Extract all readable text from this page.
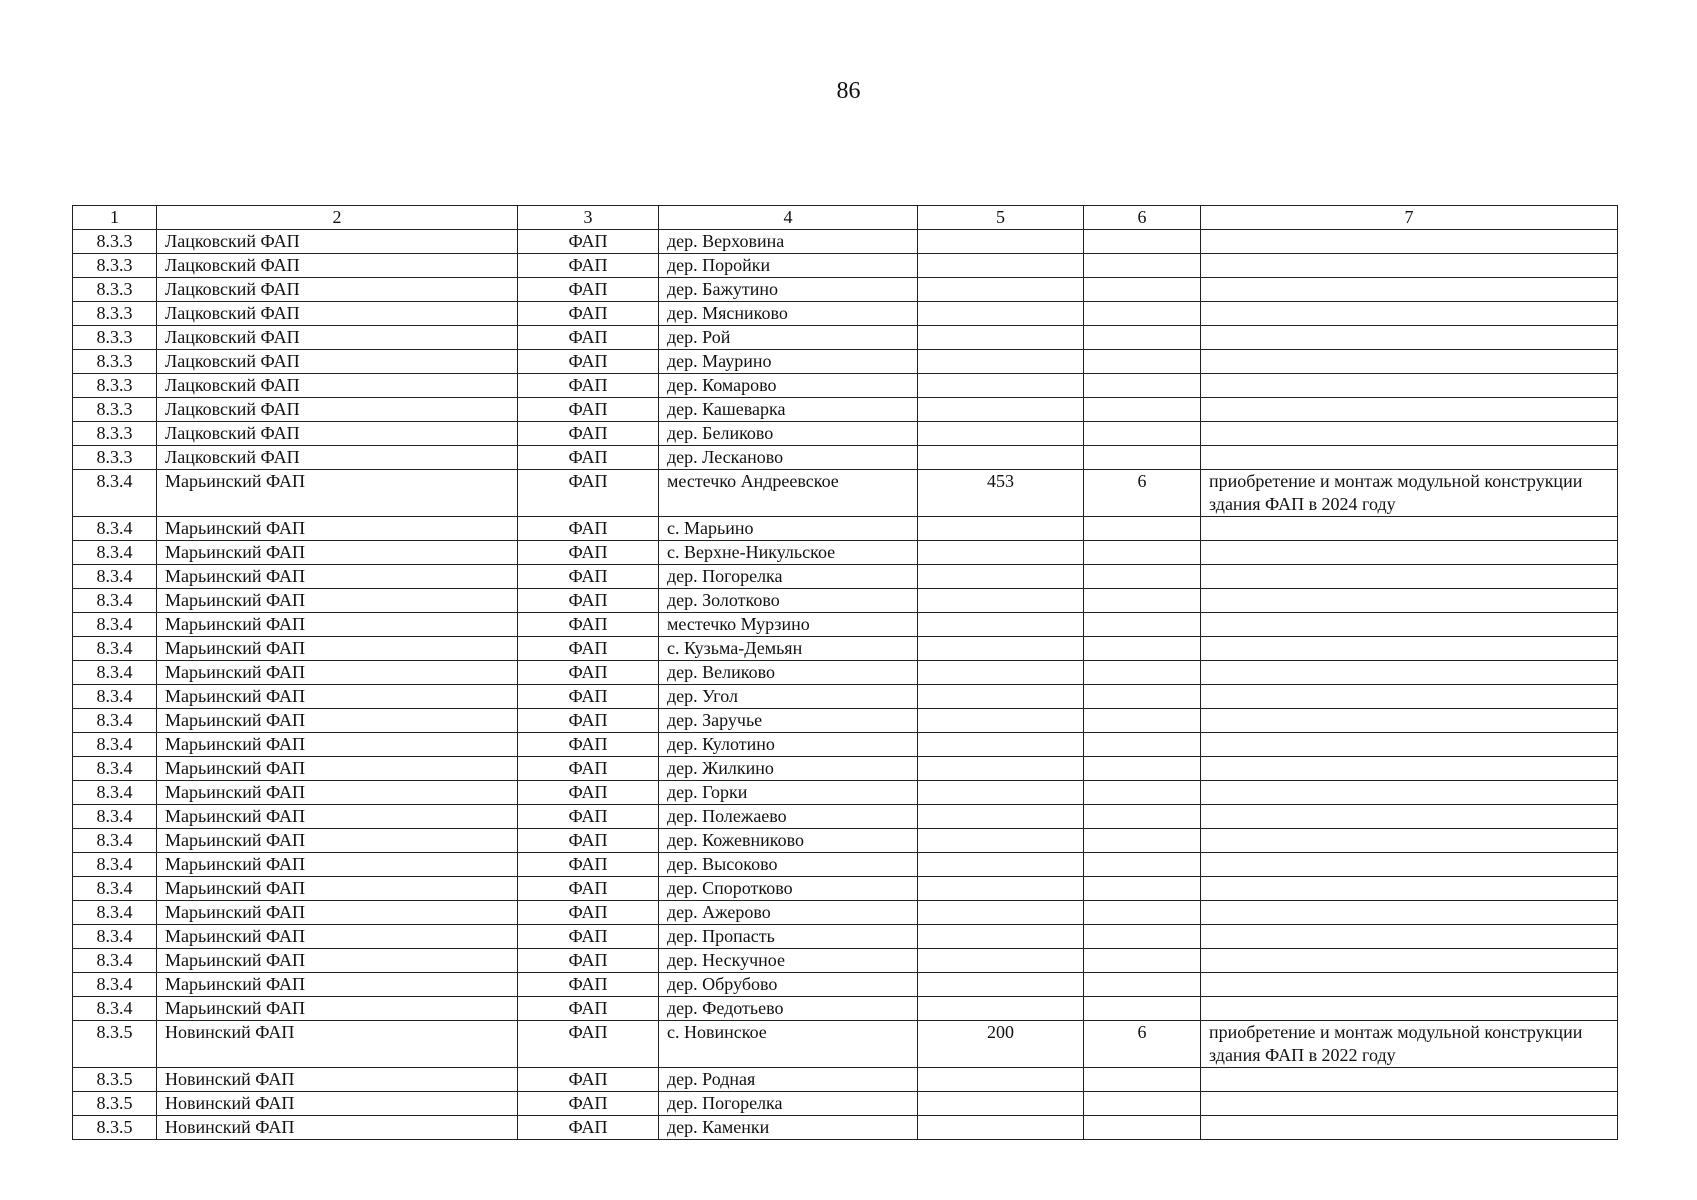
86
1	2	3	4	5	6	7
8.3.3	Лацковский ФАП	ФАП	дер. Верховина			
8.3.3	Лацковский ФАП	ФАП	дер. Поройки			
8.3.3	Лацковский ФАП	ФАП	дер. Бажутино			
8.3.3	Лацковский ФАП	ФАП	дер. Мясниково			
8.3.3	Лацковский ФАП	ФАП	дер. Рой			
8.3.3	Лацковский ФАП	ФАП	дер. Маурино			
8.3.3	Лацковский ФАП	ФАП	дер. Комарово			
8.3.3	Лацковский ФАП	ФАП	дер. Кашеварка			
8.3.3	Лацковский ФАП	ФАП	дер. Беликово			
8.3.3	Лацковский ФАП	ФАП	дер. Лесканово			
8.3.4	Марьинский ФАП	ФАП	местечко Андреевское	453	6	приобретение и монтаж модульной конструкции здания ФАП в 2024 году
8.3.4	Марьинский ФАП	ФАП	с. Марьино			
8.3.4	Марьинский ФАП	ФАП	с. Верхне-Никульское			
8.3.4	Марьинский ФАП	ФАП	дер. Погорелка			
8.3.4	Марьинский ФАП	ФАП	дер. Золотково			
8.3.4	Марьинский ФАП	ФАП	местечко Мурзино			
8.3.4	Марьинский ФАП	ФАП	с. Кузьма-Демьян			
8.3.4	Марьинский ФАП	ФАП	дер. Великово			
8.3.4	Марьинский ФАП	ФАП	дер. Угол			
8.3.4	Марьинский ФАП	ФАП	дер. Заручье			
8.3.4	Марьинский ФАП	ФАП	дер. Кулотино			
8.3.4	Марьинский ФАП	ФАП	дер. Жилкино			
8.3.4	Марьинский ФАП	ФАП	дер. Горки			
8.3.4	Марьинский ФАП	ФАП	дер. Полежаево			
8.3.4	Марьинский ФАП	ФАП	дер. Кожевниково			
8.3.4	Марьинский ФАП	ФАП	дер. Высоково			
8.3.4	Марьинский ФАП	ФАП	дер. Споротково			
8.3.4	Марьинский ФАП	ФАП	дер. Ажерово			
8.3.4	Марьинский ФАП	ФАП	дер. Пропасть			
8.3.4	Марьинский ФАП	ФАП	дер. Нескучное			
8.3.4	Марьинский ФАП	ФАП	дер. Обрубово			
8.3.4	Марьинский ФАП	ФАП	дер. Федотьево			
8.3.5	Новинский ФАП	ФАП	с. Новинское	200	6	приобретение и монтаж модульной конструкции здания ФАП в 2022 году
8.3.5	Новинский ФАП	ФАП	дер. Родная			
8.3.5	Новинский ФАП	ФАП	дер. Погорелка			
8.3.5	Новинский ФАП	ФАП	дер. Каменки			
